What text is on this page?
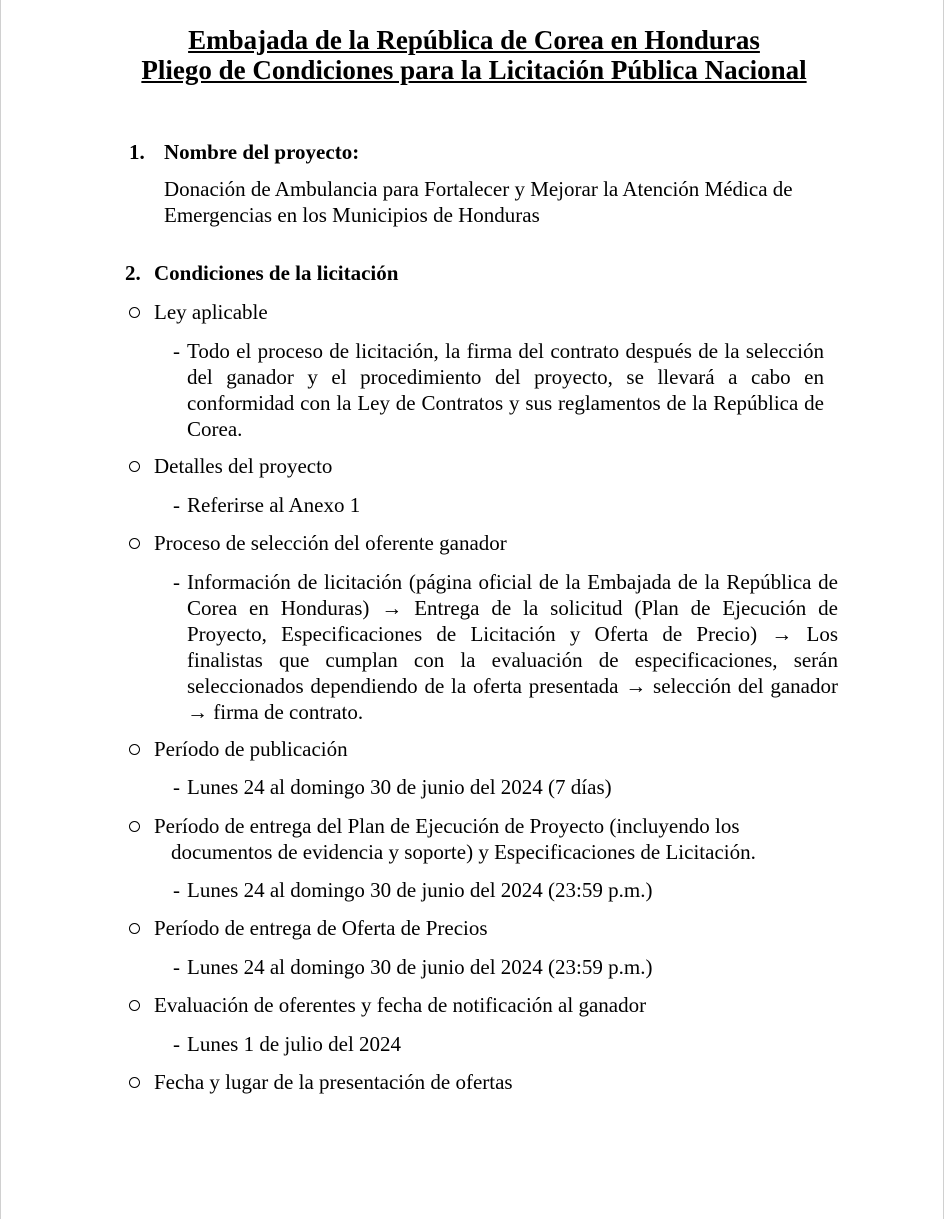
Embajada de la República de Corea en Honduras
Pliego de Condiciones para la Licitación Pública Nacional
1. Nombre del proyecto:
Donación de Ambulancia para Fortalecer y Mejorar la Atención Médica de
Emergencias en los Municipios de Honduras
2. Condiciones de la licitación
Ley aplicable
- Todo el proceso de licitación, la firma del contrato después de la selección del ganador y el procedimiento del proyecto, se llevará a cabo en conformidad con la Ley de Contratos y sus reglamentos de la República de Corea.
Detalles del proyecto
- Referirse al Anexo 1
Proceso de selección del oferente ganador
- Información de licitación (página oficial de la Embajada de la República de Corea en Honduras) → Entrega de la solicitud (Plan de Ejecución de Proyecto, Especificaciones de Licitación y Oferta de Precio) → Los finalistas que cumplan con la evaluación de especificaciones, serán seleccionados dependiendo de la oferta presentada → selección del ganador → firma de contrato.
Período de publicación
- Lunes 24 al domingo 30 de junio del 2024 (7 días)
Período de entrega del Plan de Ejecución de Proyecto (incluyendo los
documentos de evidencia y soporte) y Especificaciones de Licitación.
- Lunes 24 al domingo 30 de junio del 2024 (23:59 p.m.)
Período de entrega de Oferta de Precios
- Lunes 24 al domingo 30 de junio del 2024 (23:59 p.m.)
Evaluación de oferentes y fecha de notificación al ganador
- Lunes 1 de julio del 2024
Fecha y lugar de la presentación de ofertas
